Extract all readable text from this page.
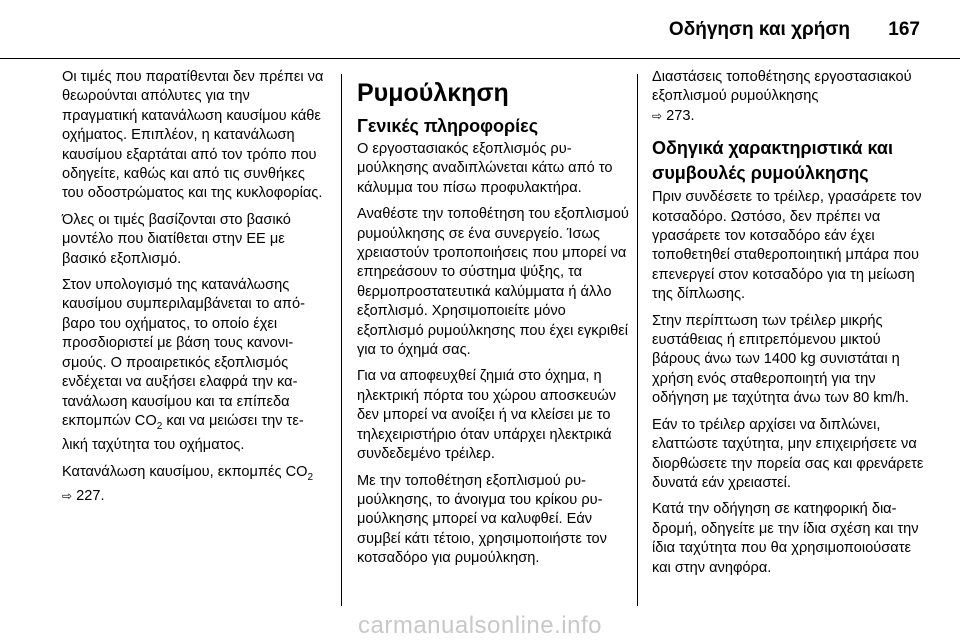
Οδήγηση και χρήση 167

Οι τιμές που παρατίθενται δεν πρέπει να θεωρούνται απόλυτες για την πραγματική κατανάλωση καυσίμου κάθε οχήματος. Επιπλέον, η κατανάλωση καυσίμου εξαρτάται από τον τρόπο που οδηγείτε, καθώς και από τις συνθήκες του οδοστρώματος και της κυκλοφορίας.

Όλες οι τιμές βασίζονται στο βασικό μοντέλο που διατίθεται στην ΕΕ με βασικό εξοπλισμό.

Στον υπολογισμό της κατανάλωσης καυσίμου συμπεριλαμβάνεται το απόβαρο του οχήματος, το οποίο έχει προσδιοριστεί με βάση τους κανονισμούς. Ο προαιρετικός εξοπλισμός ενδέχεται να αυξήσει ελαφρά την κατανάλωση καυσίμου και τα επίπεδα εκπομπών $CO_2$ και να μειώσει την τελική ταχύτητα του οχήματος.

Κατανάλωση καυσίμου, εκπομπές $CO_2$ ⇨ 227.

Ρυμούλκηση
Γενικές πληροφορίες

Ο εργοστασιακός εξοπλισμός ρυμούλκησης αναδιπλώνεται κάτω από το κάλυμμα του πίσω προφυλακτήρα.

Αναθέστε την τοποθέτηση του εξοπλισμού ρυμούλκησης σε ένα συνεργείο. Ίσως χρειαστούν τροποποιήσεις που μπορεί να επηρεάσουν το σύστημα ψύξης, τα θερμοπροστατευτικά καλύμματα ή άλλο εξοπλισμό. Χρησιμοποιείτε μόνο εξοπλισμό ρυμούλκησης που έχει εγκριθεί για το όχημά σας.

Για να αποφευχθεί ζημιά στο όχημα, η ηλεκτρική πόρτα του χώρου αποσκευών δεν μπορεί να ανοίξει ή να κλείσει με το τηλεχειριστήριο όταν υπάρχει ηλεκτρικά συνδεδεμένο τρέιλερ.

Με την τοποθέτηση εξοπλισμού ρυμούλκησης, το άνοιγμα του κρίκου ρυμούλκησης μπορεί να καλυφθεί. Εάν συμβεί κάτι τέτοιο, χρησιμοποιήστε τον κοτσαδόρο για ρυμούλκηση.

Διαστάσεις τοποθέτησης εργοστασιακού εξοπλισμού ρυμούλκησης
⇨ 273.

Οδηγικά χαρακτηριστικά και συμβουλές ρυμούλκησης

Πριν συνδέσετε το τρέιλερ, γρασάρετε τον κοτσαδόρο. Ωστόσο, δεν πρέπει να γρασάρετε τον κοτσαδόρο εάν έχει τοποθετηθεί σταθεροποιητική μπάρα που επενεργεί στον κοτσαδόρο για τη μείωση της δίπλωσης.

Στην περίπτωση των τρέιλερ μικρής ευστάθειας ή επιτρεπόμενου μικτού βάρους άνω των 1400 kg συνιστάται η χρήση ενός σταθεροποιητή για την οδήγηση με ταχύτητα άνω των 80 km/h.

Εάν το τρέιλερ αρχίσει να διπλώνει, ελαττώστε ταχύτητα, μην επιχειρήσετε να διορθώσετε την πορεία σας και φρενάρετε δυνατά εάν χρειαστεί.

Κατά την οδήγηση σε κατηφορική διαδρομή, οδηγείτε με την ίδια σχέση και την ίδια ταχύτητα που θα χρησιμοποιούσατε και στην ανηφόρα.

carmanualsonline.info
